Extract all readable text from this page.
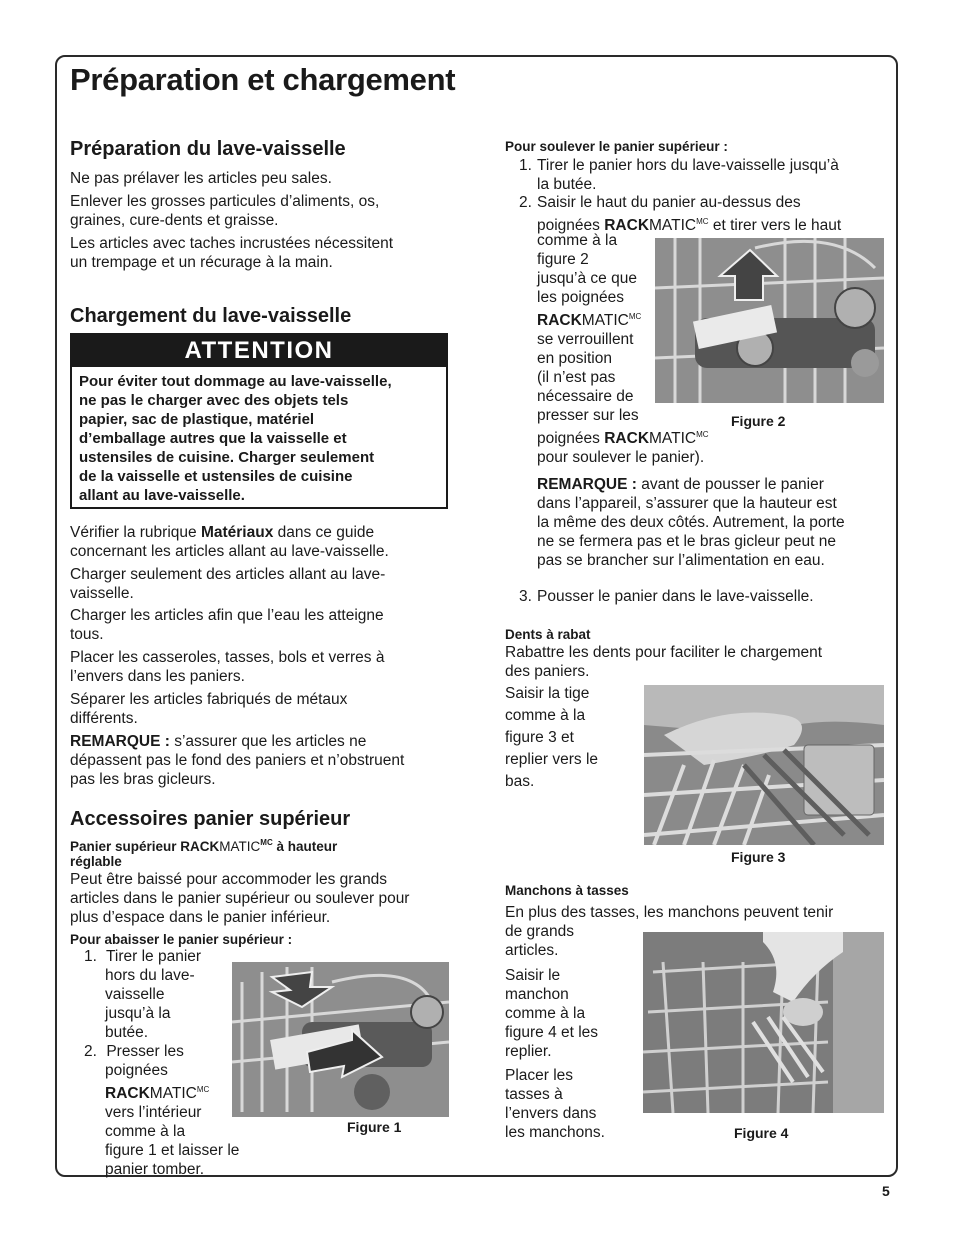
Préparation et chargement
Préparation du lave-vaisselle
Ne pas prélaver les articles peu sales.
Enlever les grosses particules d’aliments, os,
graines, cure-dents et graisse.
Les articles avec taches incrustées nécessitent
un trempage et un récurage à la main.
Chargement du lave-vaisselle
ATTENTION
Pour éviter tout dommage au lave-vaisselle,
ne pas le charger avec des objets tels
papier, sac de plastique, matériel
d’emballage autres que la vaisselle et
ustensiles de cuisine. Charger seulement
de la vaisselle et ustensiles de cuisine
allant au lave-vaisselle.
Vérifier la rubrique Matériaux dans ce guide
concernant les articles allant au lave-vaisselle.
Charger seulement des articles allant au lave-
vaisselle.
Charger les articles afin que l’eau les atteigne
tous.
Placer les casseroles, tasses, bols et verres à
l’envers dans les paniers.
Séparer les articles fabriqués de métaux
différents.
REMARQUE : s’assurer que les articles ne
dépassent pas le fond des paniers et n’obstruent
pas les bras gicleurs.
Accessoires panier supérieur
Panier supérieur $RACKMATIC^{MC}$ à hauteur
réglable
Peut être baissé pour accommoder les grands
articles dans le panier supérieur ou soulever pour
plus d’espace dans le panier inférieur.
Pour abaisser le panier supérieur :
1. Tirer le panier
hors du lave-
vaisselle
jusqu’à la
butée.
2. Presser les
poignées
$RACKMATIC^{MC}$
vers l’intérieur
comme à la
figure 1 et laisser le
panier tomber.
Figure 1
Pour soulever le panier supérieur :
1. Tirer le panier hors du lave-vaisselle jusqu’à
la butée.
2. Saisir le haut du panier au-dessus des
poignées $RACKMATIC^{MC}$ et tirer vers le haut
comme à la
figure 2
jusqu’à ce que
les poignées
$RACKMATIC^{MC}$
se verrouillent
en position
(il n’est pas
nécessaire de
presser sur les
poignées $RACKMATIC^{MC}$
pour soulever le panier).
Figure 2
REMARQUE : avant de pousser le panier
dans l’appareil, s’assurer que la hauteur est
la même des deux côtés. Autrement, la porte
ne se fermera pas et le bras gicleur peut ne
pas se brancher sur l’alimentation en eau.
3. Pousser le panier dans le lave-vaisselle.
Dents à rabat
Rabattre les dents pour faciliter le chargement
des paniers.
Saisir la tige
comme à la
figure 3 et
replier vers le
bas.
Figure 3
Manchons à tasses
En plus des tasses, les manchons peuvent tenir
de grands
articles.
Saisir le
manchon
comme à la
figure 4 et les
replier.
Placer les
tasses à
l’envers dans
les manchons.	Figure 4
5
